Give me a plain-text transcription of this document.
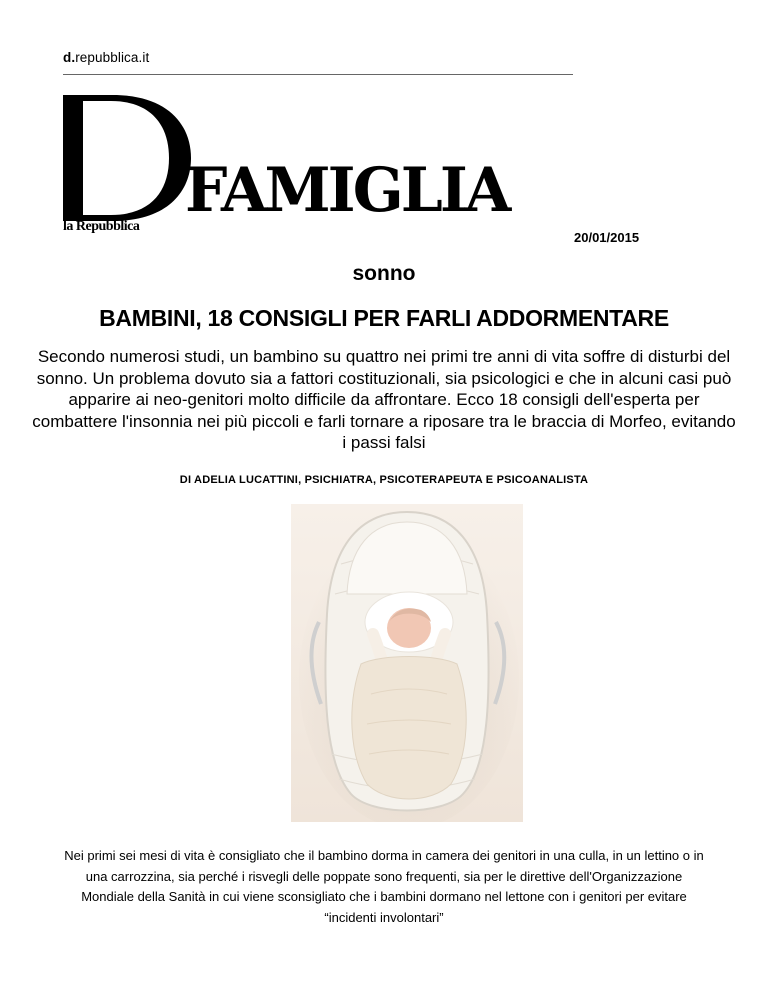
d.repubblica.it
FAMIGLIA
la Repubblica
20/01/2015
sonno
BAMBINI, 18 CONSIGLI PER FARLI ADDORMENTARE
Secondo numerosi studi, un bambino su quattro nei primi tre anni di vita soffre di disturbi del sonno. Un problema dovuto sia a fattori costituzionali, sia psicologici e che in alcuni casi può apparire ai neo-genitori molto difficile da affrontare. Ecco 18 consigli dell'esperta per combattere l'insonnia nei più piccoli e farli tornare a riposare tra le braccia di Morfeo, evitando i passi falsi
DI ADELIA LUCATTINI, PSICHIATRA, PSICOTERAPEUTA E PSICOANALISTA
Nei primi sei mesi di vita è consigliato che il bambino dorma in camera dei genitori in una culla, in un lettino o in una carrozzina, sia perché i risvegli delle poppate sono frequenti, sia per le direttive dell'Organizzazione Mondiale della Sanità in cui viene sconsigliato che i bambini dormano nel lettone con i genitori per evitare “incidenti involontari”
